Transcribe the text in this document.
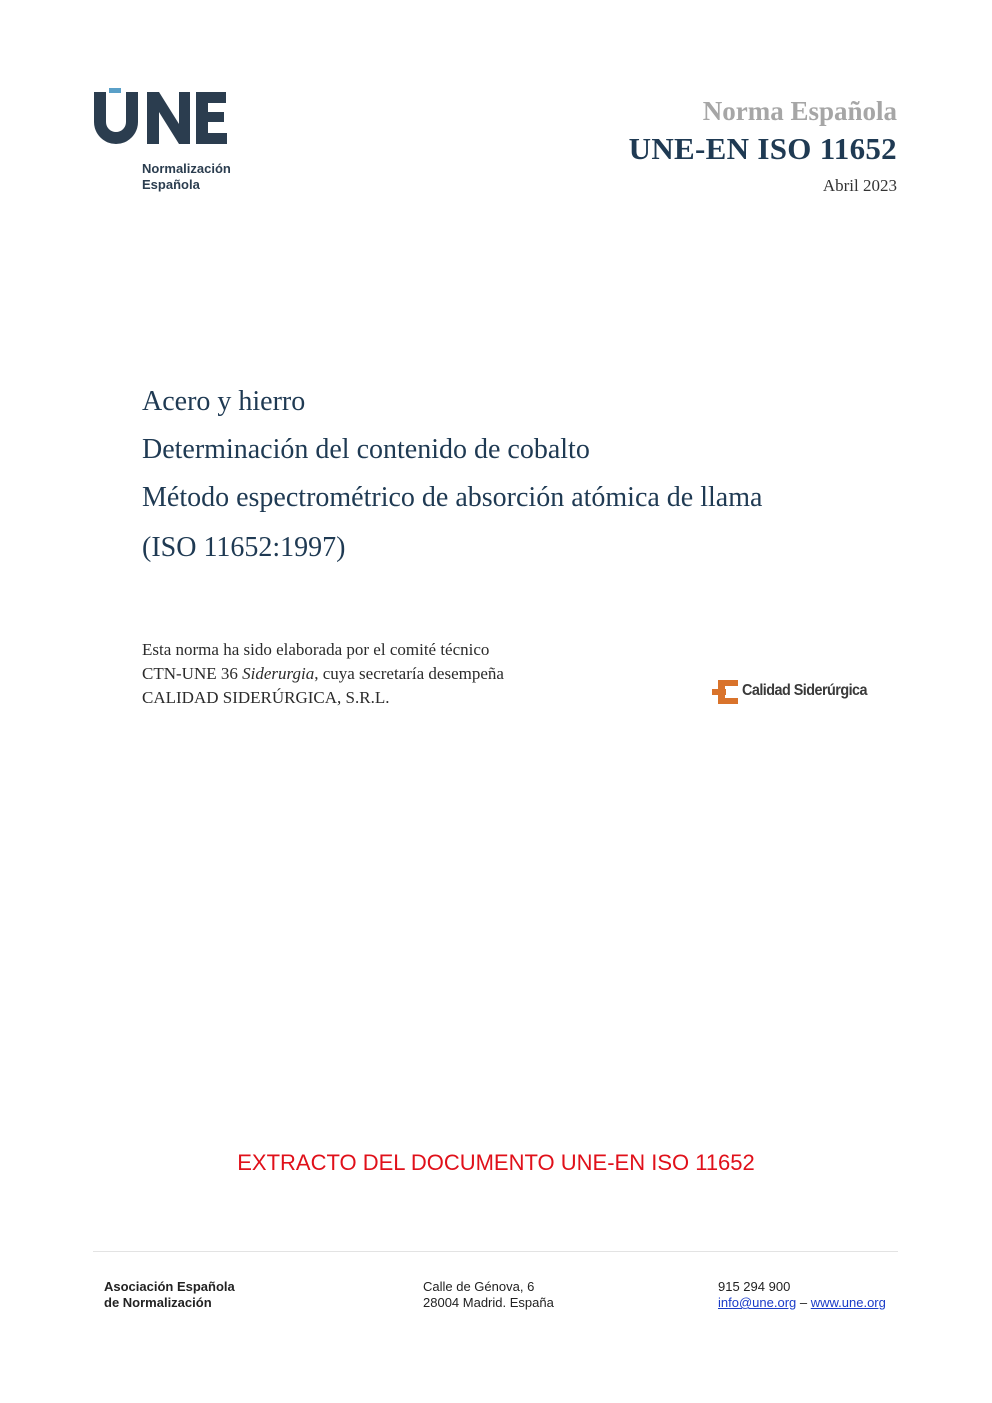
Normalización
Española
Norma Española
UNE-EN ISO 11652
Abril 2023
Acero y hierro
Determinación del contenido de cobalto
Método espectrométrico de absorción atómica de llama
(ISO 11652:1997)
Esta norma ha sido elaborada por el comité técnico
CTN-UNE 36 Siderurgia, cuya secretaría desempeña
CALIDAD SIDERÚRGICA, S.R.L.	Calidad Siderúrgica
EXTRACTO DEL DOCUMENTO UNE-EN ISO 11652
Asociación Española
de Normalización
Calle de Génova, 6
28004 Madrid. España
915 294 900
info@une.org – www.une.org
